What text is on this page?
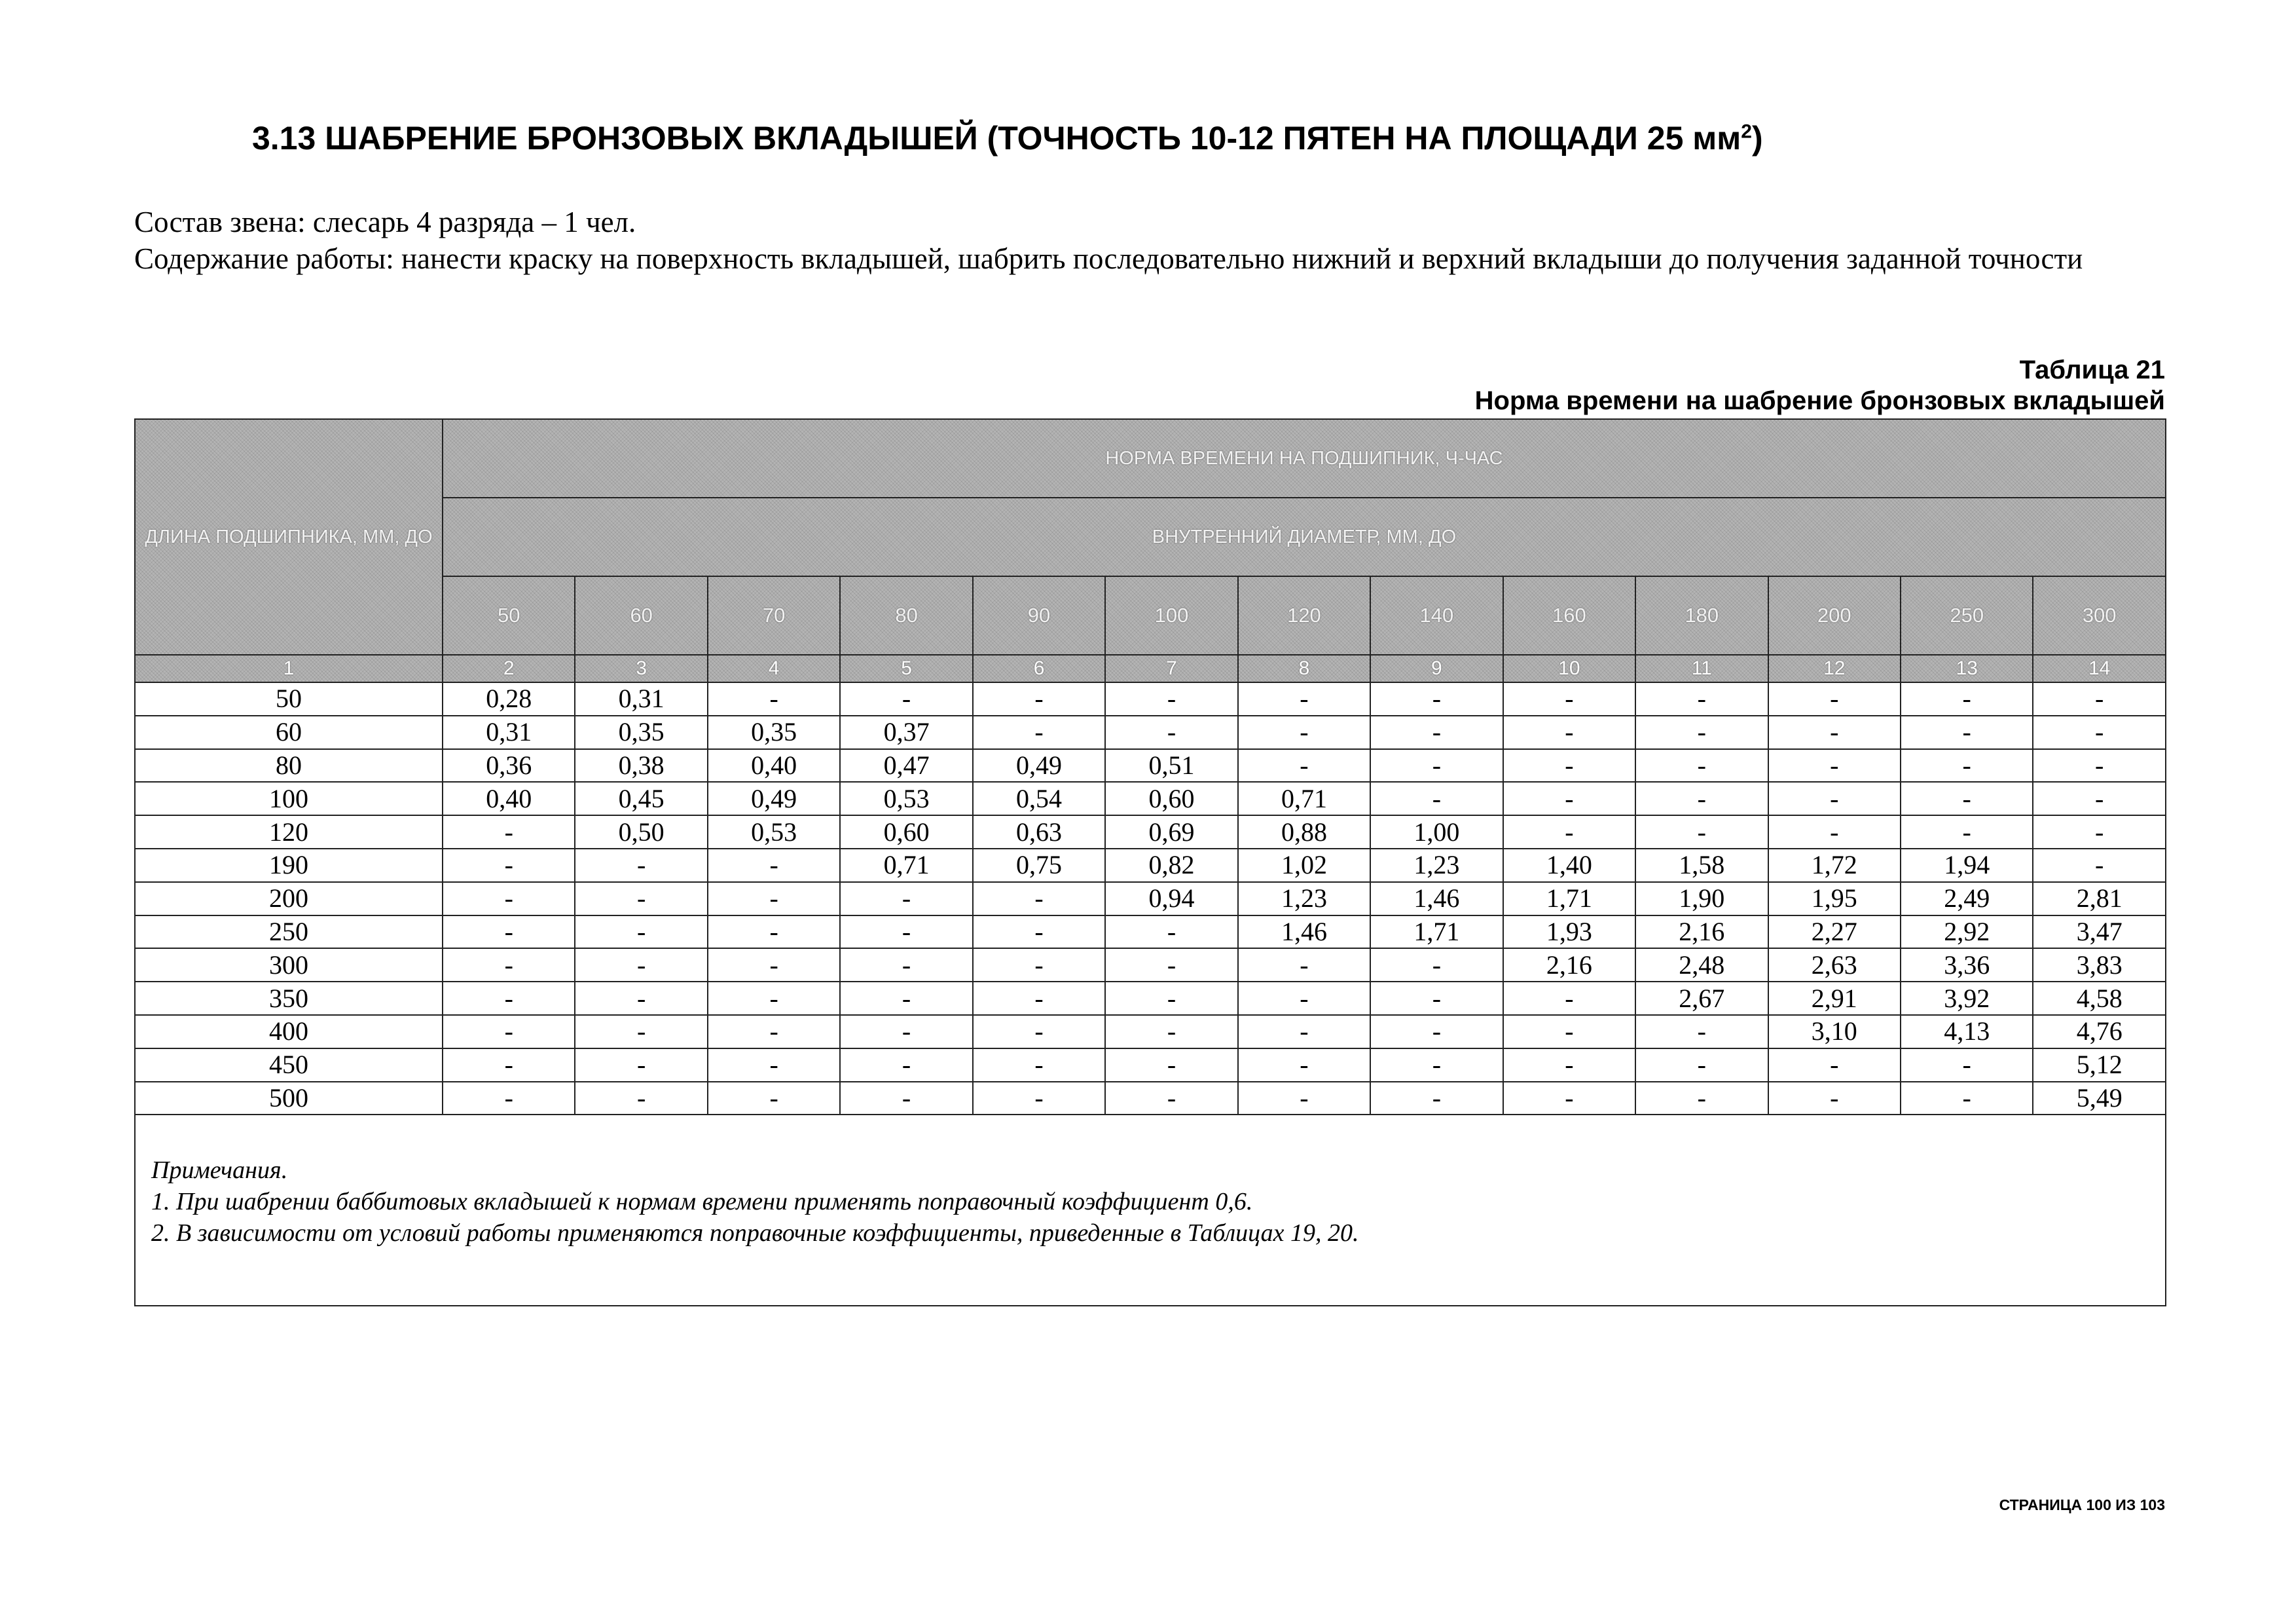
3.13 ШАБРЕНИЕ БРОНЗОВЫХ ВКЛАДЫШЕЙ (ТОЧНОСТЬ 10-12 ПЯТЕН НА ПЛОЩАДИ 25 $мм^2$)
Состав звена: слесарь 4 разряда – 1 чел.
Содержание работы: нанести краску на поверхность вкладышей, шабрить последовательно нижний и верхний вкладыши до получения заданной точности
Таблица 21
Норма времени на шабрение бронзовых вкладышей
ДЛИНА ПОДШИПНИКА, ММ, ДО	НОРМА ВРЕМЕНИ НА ПОДШИПНИК, Ч-ЧАС												
	ВНУТРЕННИЙ ДИАМЕТР, ММ, ДО												
	50	60	70	80	90	100	120	140	160	180	200	250	300
1	2	3	4	5	6	7	8	9	10	11	12	13	14
50	0,28	0,31	-	-	-	-	-	-	-	-	-	-	-
60	0,31	0,35	0,35	0,37	-	-	-	-	-	-	-	-	-
80	0,36	0,38	0,40	0,47	0,49	0,51	-	-	-	-	-	-	-
100	0,40	0,45	0,49	0,53	0,54	0,60	0,71	-	-	-	-	-	-
120	-	0,50	0,53	0,60	0,63	0,69	0,88	1,00	-	-	-	-	-
190	-	-	-	0,71	0,75	0,82	1,02	1,23	1,40	1,58	1,72	1,94	-
200	-	-	-	-	-	0,94	1,23	1,46	1,71	1,90	1,95	2,49	2,81
250	-	-	-	-	-	-	1,46	1,71	1,93	2,16	2,27	2,92	3,47
300	-	-	-	-	-	-	-	-	2,16	2,48	2,63	3,36	3,83
350	-	-	-	-	-	-	-	-	-	2,67	2,91	3,92	4,58
400	-	-	-	-	-	-	-	-	-	-	3,10	4,13	4,76
450	-	-	-	-	-	-	-	-	-	-	-	-	5,12
500	-	-	-	-	-	-	-	-	-	-	-	-	5,49

Примечания.
1. При шабрении баббитовых вкладышей к нормам времени применять поправочный коэффициент 0,6.
2. В зависимости от условий работы применяются поправочные коэффициенты, приведенные в Таблицах 19, 20.													
СТРАНИЦА 100 ИЗ 103
